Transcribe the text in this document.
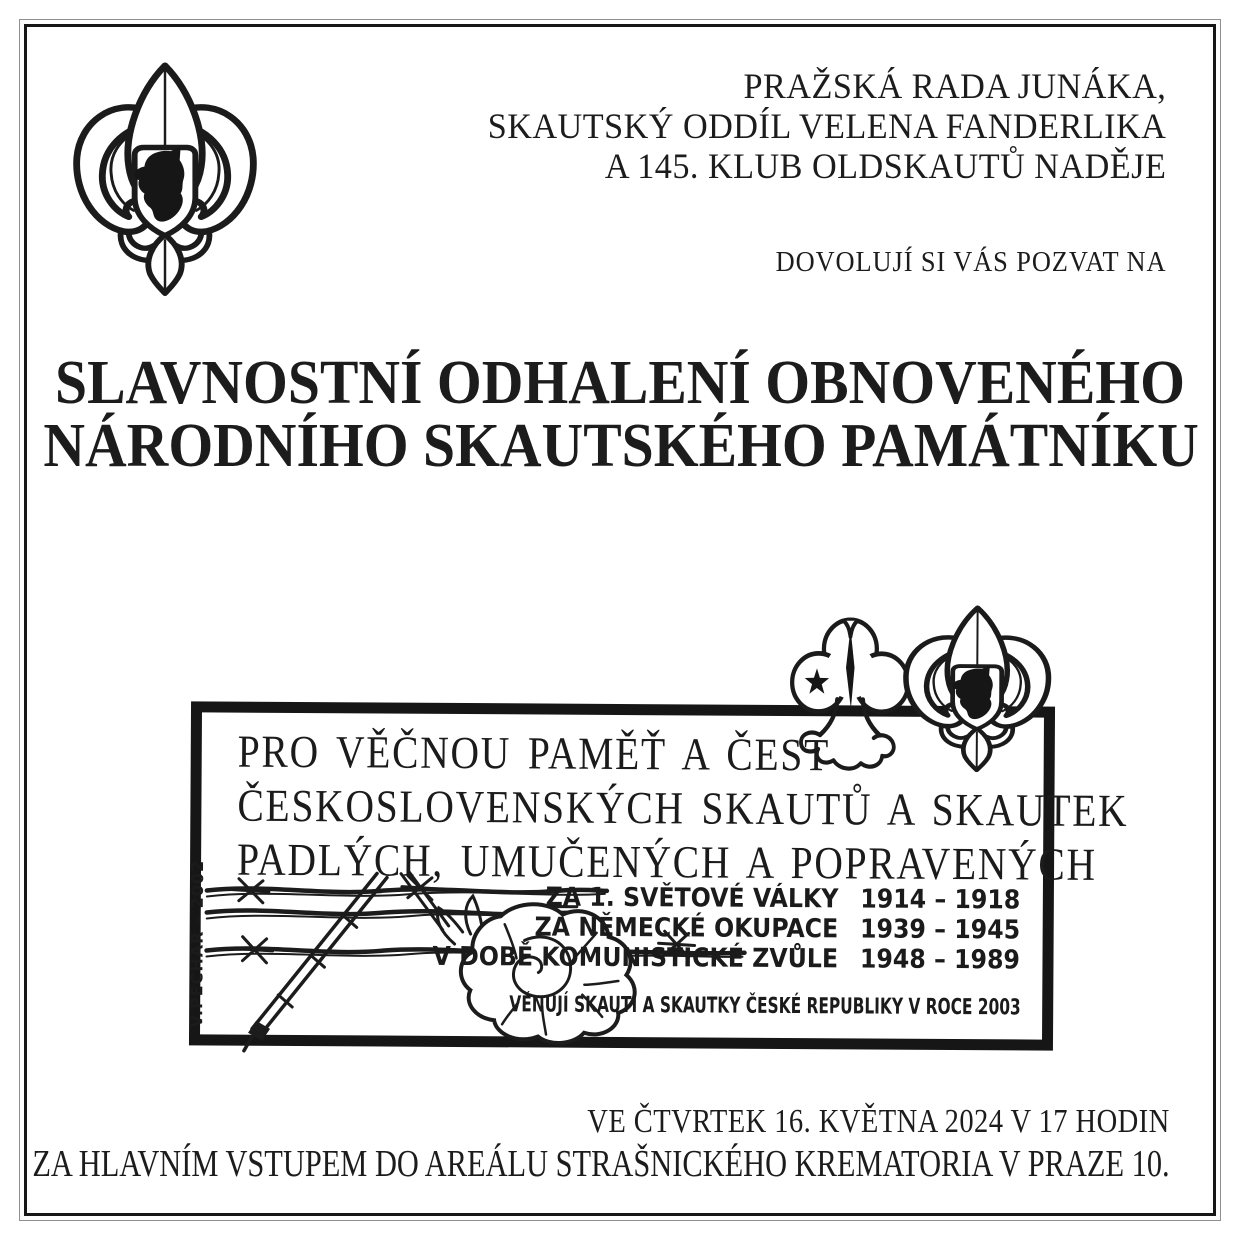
PRAŽSKÁ RADA JUNÁKA,
SKAUTSKÝ ODDÍL VELENA FANDERLIKA
A 145. KLUB OLDSKAUTŮ NADĚJE
DOVOLUJÍ SI VÁS POZVAT NA
SLAVNOSTNÍ ODHALENÍ OBNOVENÉHO
NÁRODNÍHO SKAUTSKÉHO PAMÁTNÍKU
PRO VĚČNOU PAMĚŤ A ČEST
ČESKOSLOVENSKÝCH SKAUTŮ A SKAUTEK
PADLÝCH, UMUČENÝCH A POPRAVENÝCH
ZA 1. SVĚTOVÉ VÁLKY 1914 – 1918
ZA NĚMECKÉ OKUPACE 1939 – 1945
V DOBĚ KOMUNISTICKÉ ZVŮLE 1948 – 1989
VĚNUJÍ SKAUTI A SKAUTKY ČESKÉ REPUBLIKY V ROCE 2003
V.PECHAR – 2002
VE ČTVRTEK 16. KVĚTNA 2024 V 17 HODIN
ZA HLAVNÍM VSTUPEM DO AREÁLU STRAŠNICKÉHO KREMATORIA V PRAZE 10.
